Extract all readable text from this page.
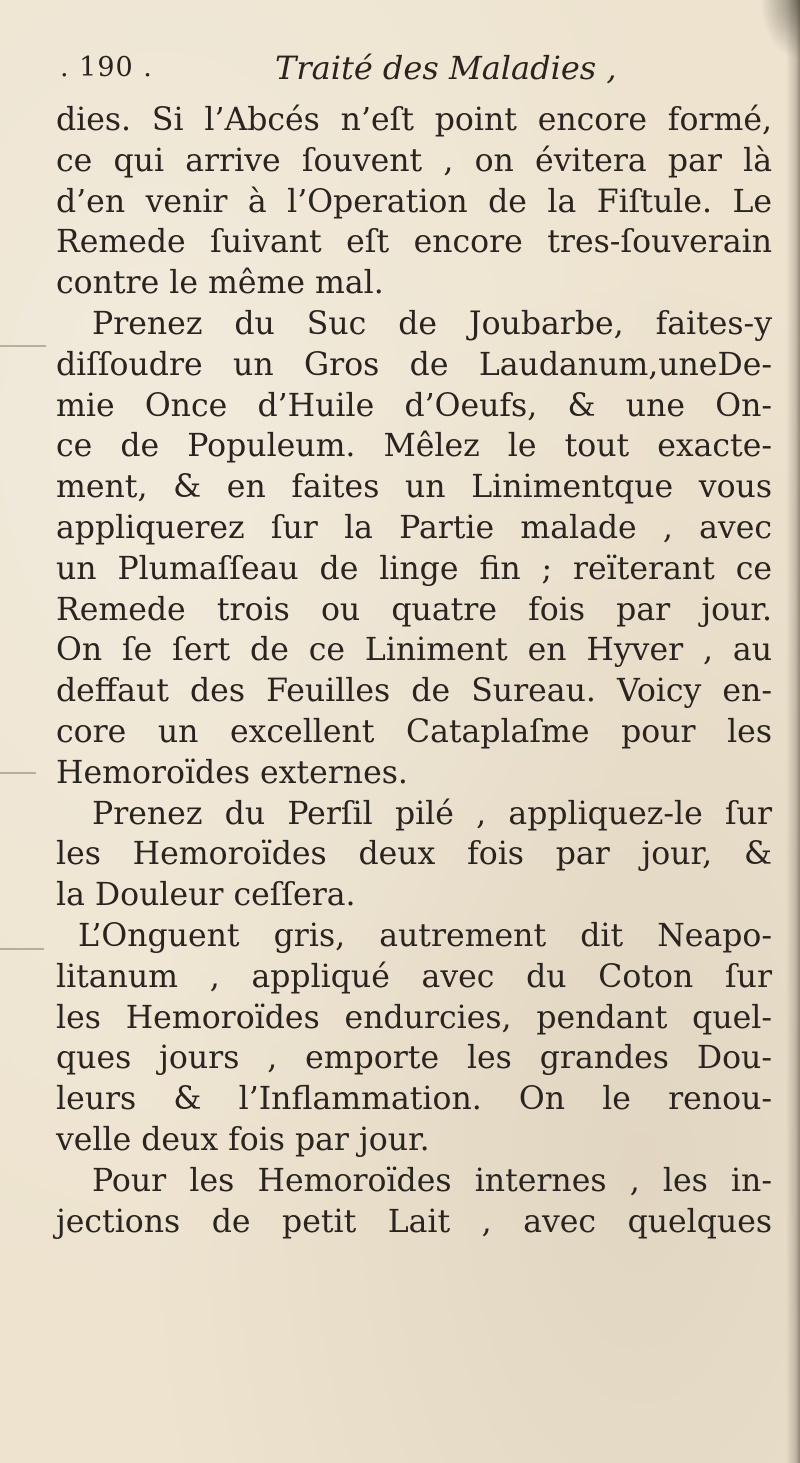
. 190 .	Traité des Maladies ,
dies. Si l’Abcés n’eſt point encore formé,
ce qui arrive ſouvent , on évitera par là
d’en venir à l’Operation de la Fiſtule. Le
Remede ſuivant eſt encore tres-ſouverain
contre le même mal.
Prenez du Suc de Joubarbe, faites-y
diſſoudre un Gros de Laudanum,uneDe-
mie Once d’Huile d’Oeufs, & une On-
ce de Populeum. Mêlez le tout exacte-
ment, & en faites un Linimentque vous
appliquerez ſur la Partie malade , avec
un Plumaſſeau de linge fin ; reïterant ce
Remede trois ou quatre fois par jour.
On ſe ſert de ce Liniment en Hyver , au
deffaut des Feuilles de Sureau. Voicy en-
core un excellent Cataplaſme pour les
Hemoroïdes externes.
Prenez du Perſil pilé , appliquez-le ſur
les Hemoroïdes deux fois par jour, &
la Douleur ceſſera.
L’Onguent gris, autrement dit Neapo-
litanum , appliqué avec du Coton ſur
les Hemoroïdes endurcies, pendant quel-
ques jours , emporte les grandes Dou-
leurs & l’Inflammation. On le renou-
velle deux fois par jour.
Pour les Hemoroïdes internes , les in-
jections de petit Lait , avec quelques
